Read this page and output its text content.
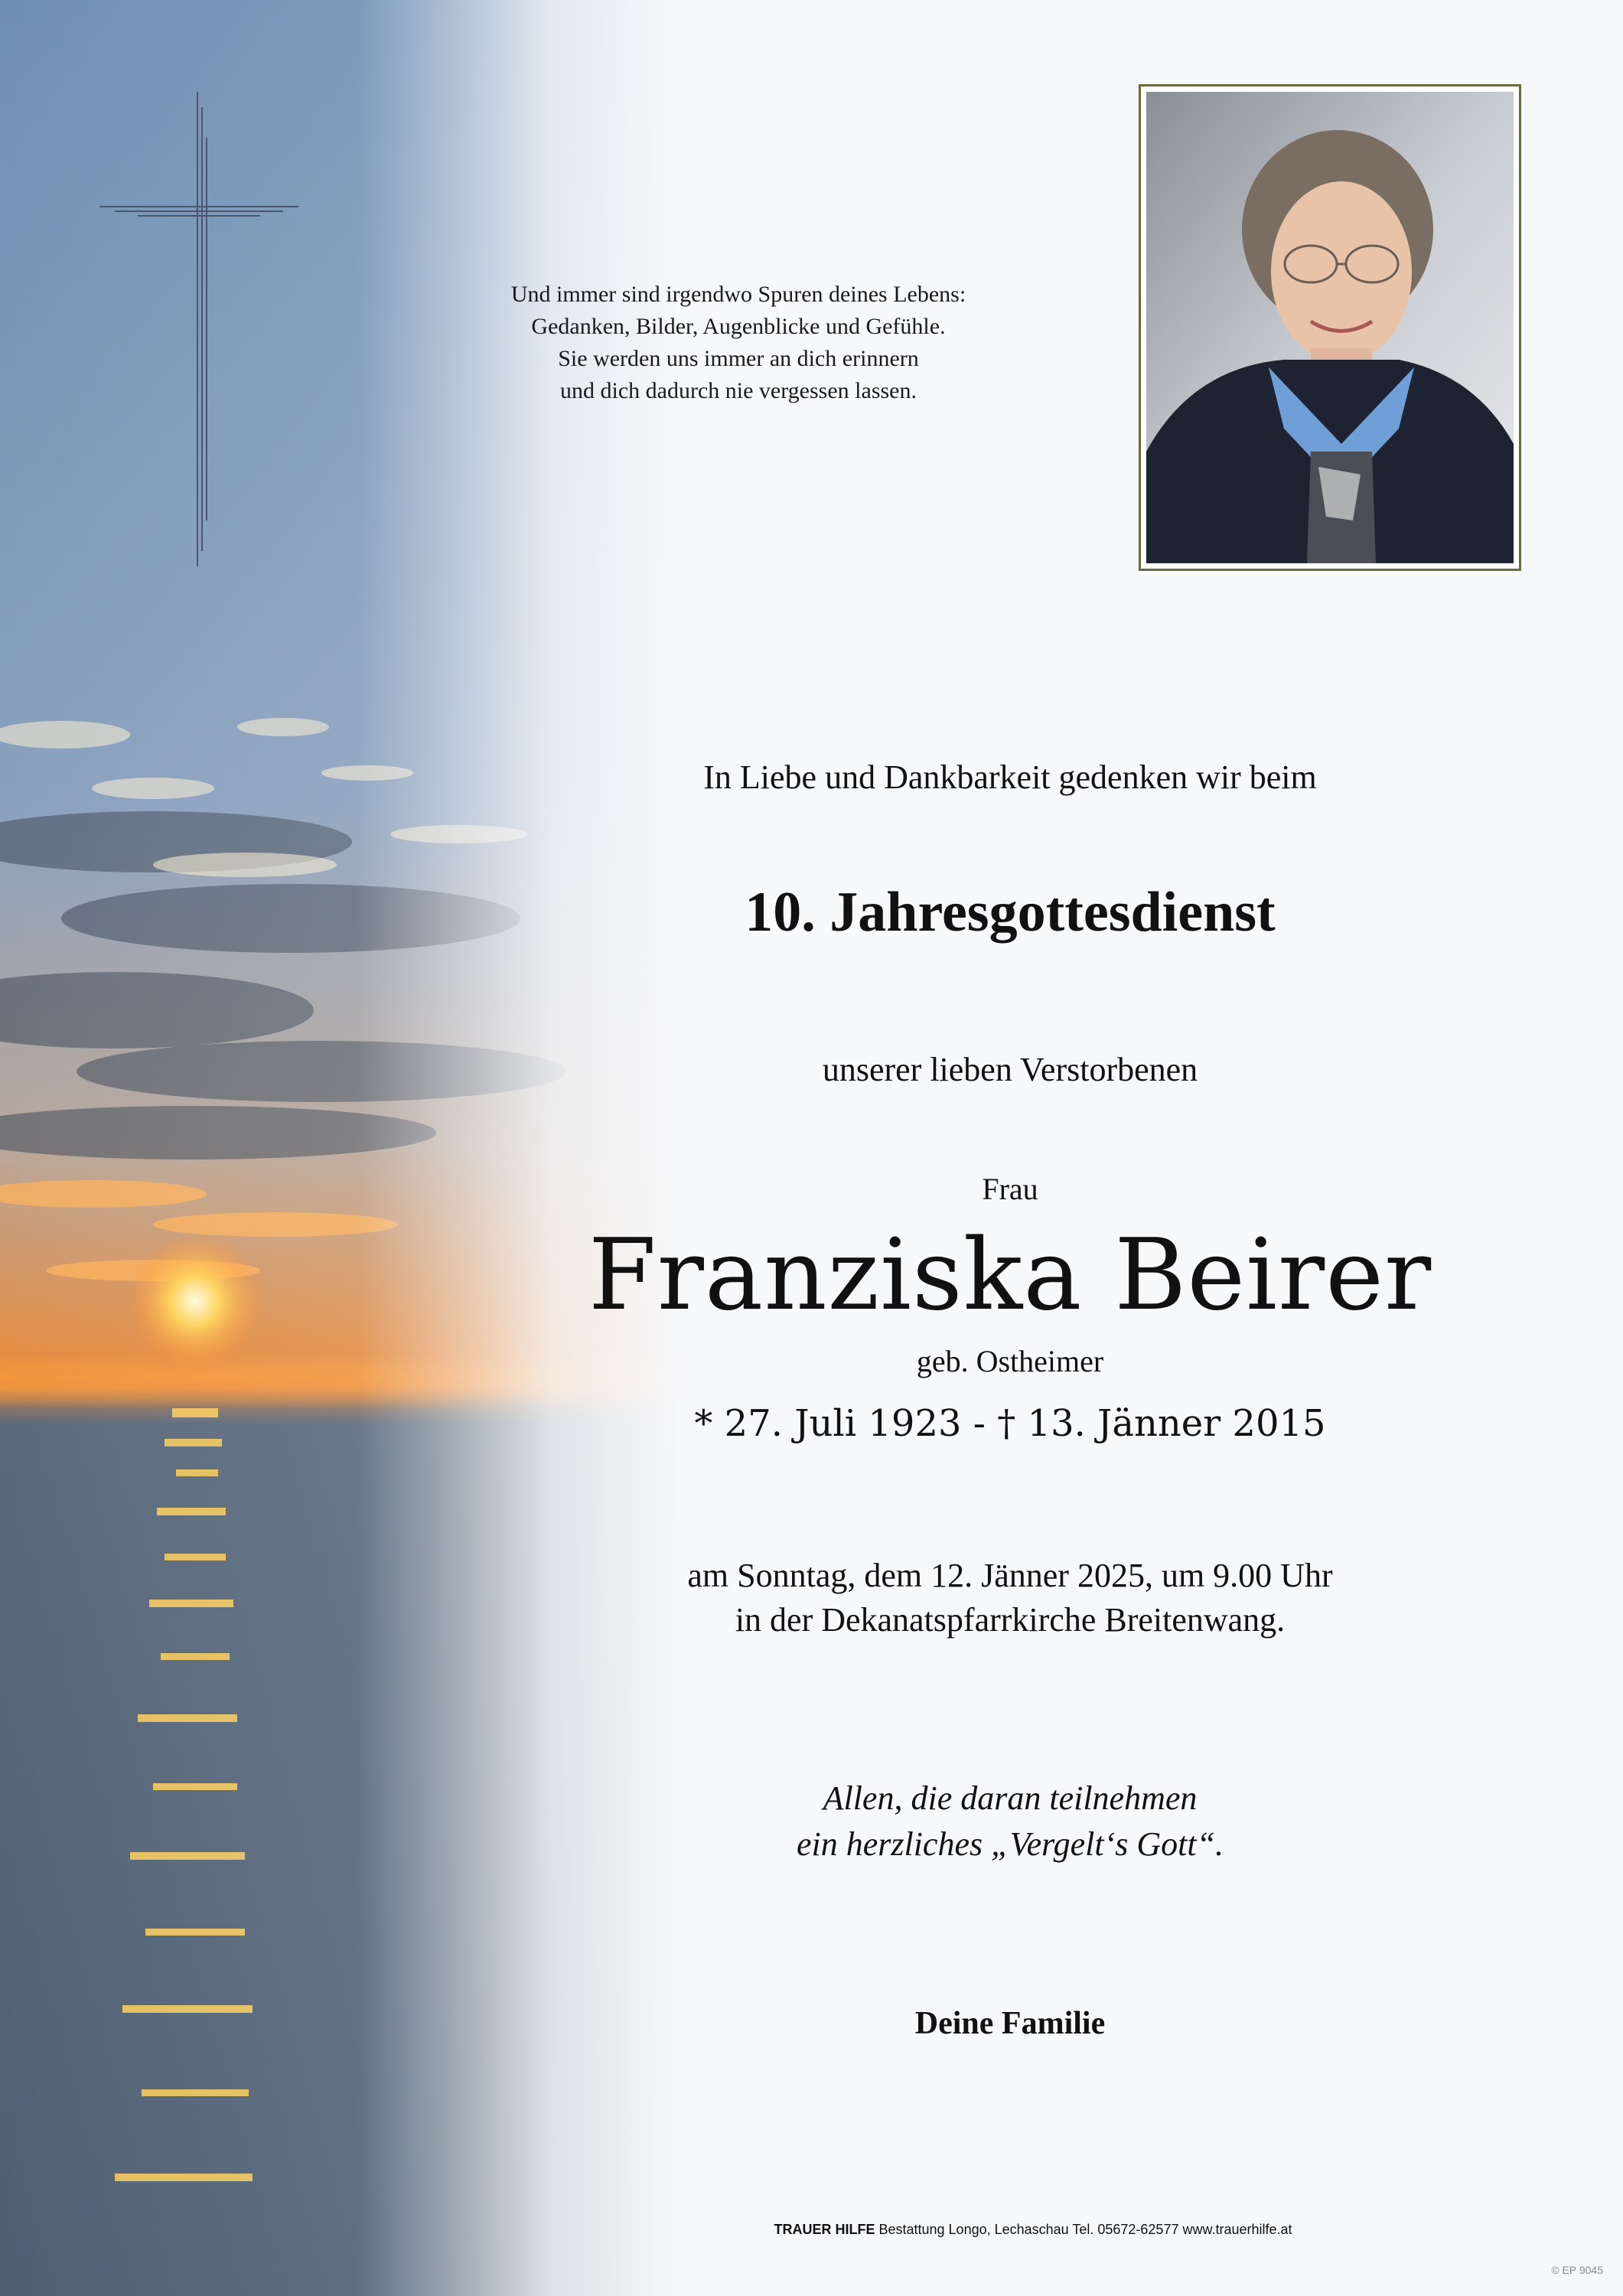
Und immer sind irgendwo Spuren deines Lebens:
Gedanken, Bilder, Augenblicke und Gefühle.
Sie werden uns immer an dich erinnern
und dich dadurch nie vergessen lassen.
In Liebe und Dankbarkeit gedenken wir beim
10. Jahresgottesdienst
unserer lieben Verstorbenen
Frau
Franziska Beirer
geb. Ostheimer
* 27. Juli 1923 - † 13. Jänner 2015
am Sonntag, dem 12. Jänner 2025, um 9.00 Uhr
in der Dekanatspfarrkirche Breitenwang.
Allen, die daran teilnehmen
ein herzliches „Vergelt‘s Gott“.
Deine Familie
TRAUER HILFE Bestattung Longo, Lechaschau Tel. 05672-62577 www.trauerhilfe.at
© EP 9045
